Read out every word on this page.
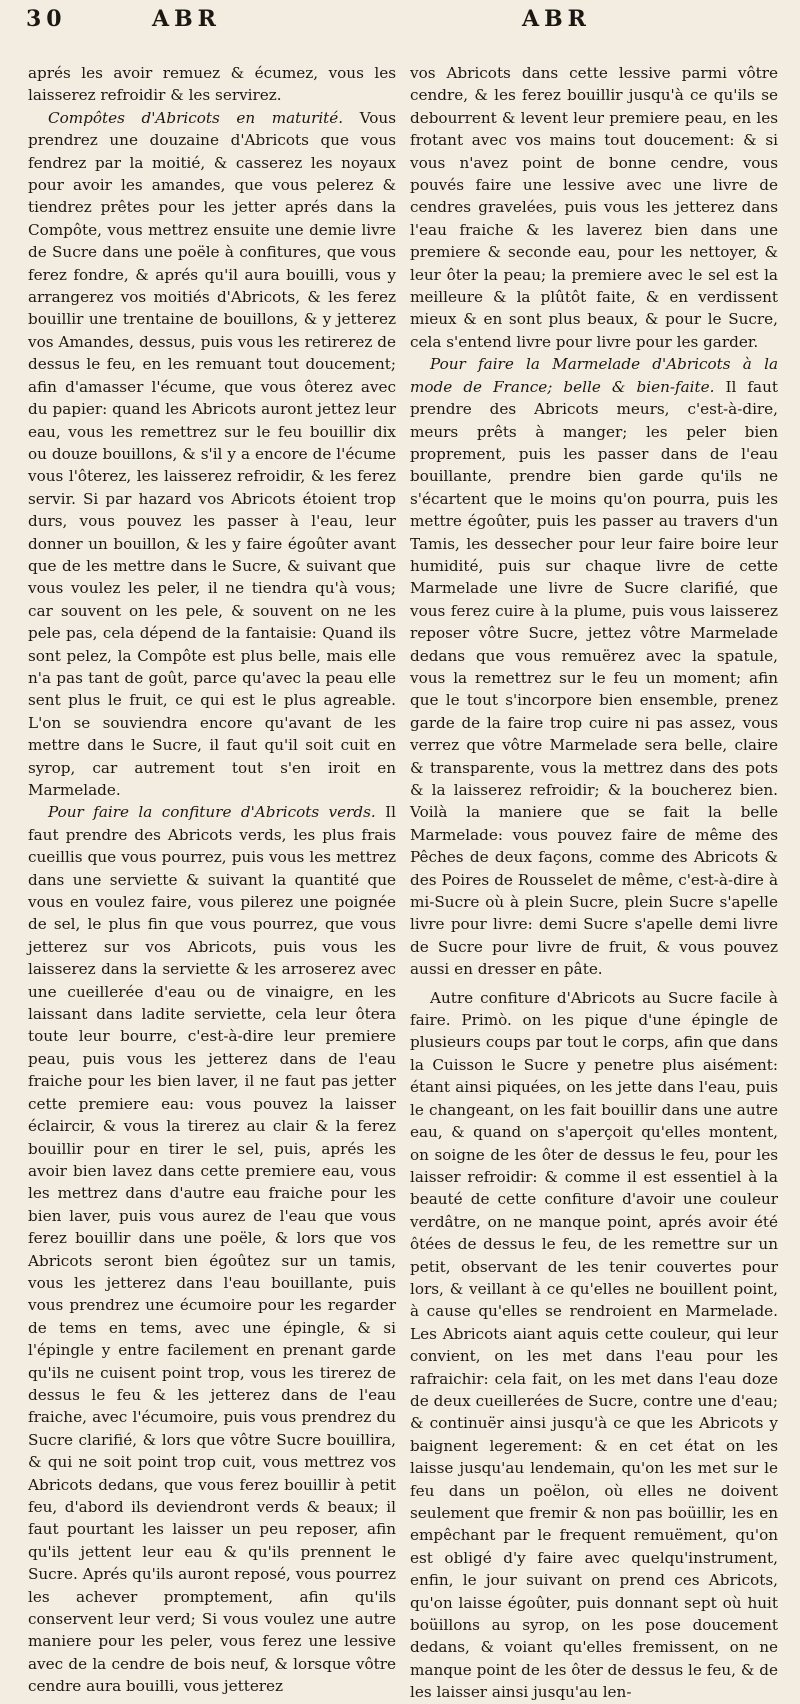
30	ABR	ABR

aprés les avoir remuez & écumez, vous les laisserez refroidir & les servirez.

Compôtes d'Abricots en maturité. Vous prendrez une douzaine d'Abricots que vous fendrez par la moitié, & casserez les noyaux pour avoir les amandes, que vous pelerez & tiendrez prêtes pour les jetter aprés dans la Compôte, vous mettrez ensuite une demie livre de Sucre dans une poële à confitures, que vous ferez fondre, & aprés qu'il aura bouilli, vous y arrangerez vos moitiés d'Abricots, & les ferez bouillir une trentaine de bouillons, & y jetterez vos Amandes, dessus, puis vous les retirerez de dessus le feu, en les remuant tout doucement; afin d'amasser l'écume, que vous ôterez avec du papier: quand les Abricots auront jettez leur eau, vous les remettrez sur le feu bouillir dix ou douze bouillons, & s'il y a encore de l'écume vous l'ôterez, les laisserez refroidir, & les ferez servir. Si par hazard vos Abricots étoient trop durs, vous pouvez les passer à l'eau, leur donner un bouillon, & les y faire égoûter avant que de les mettre dans le Sucre, & suivant que vous voulez les peler, il ne tiendra qu'à vous; car souvent on les pele, & souvent on ne les pele pas, cela dépend de la fantaisie: Quand ils sont pelez, la Compôte est plus belle, mais elle n'a pas tant de goût, parce qu'avec la peau elle sent plus le fruit, ce qui est le plus agreable. L'on se souviendra encore qu'avant de les mettre dans le Sucre, il faut qu'il soit cuit en syrop, car autrement tout s'en iroit en Marmelade.

Pour faire la confiture d'Abricots verds. Il faut prendre des Abricots verds, les plus frais cueillis que vous pourrez, puis vous les mettrez dans une serviette & suivant la quantité que vous en voulez faire, vous pilerez une poignée de sel, le plus fin que vous pourrez, que vous jetterez sur vos Abricots, puis vous les laisserez dans la serviette & les arroserez avec une cueillerée d'eau ou de vinaigre, en les laissant dans ladite serviette, cela leur ôtera toute leur bourre, c'est-à-dire leur premiere peau, puis vous les jetterez dans de l'eau fraiche pour les bien laver, il ne faut pas jetter cette premiere eau: vous pouvez la laisser éclaircir, & vous la tirerez au clair & la ferez bouillir pour en tirer le sel, puis, aprés les avoir bien lavez dans cette premiere eau, vous les mettrez dans d'autre eau fraiche pour les bien laver, puis vous aurez de l'eau que vous ferez bouillir dans une poële, & lors que vos Abricots seront bien égoûtez sur un tamis, vous les jetterez dans l'eau bouillante, puis vous prendrez une écumoire pour les regarder de tems en tems, avec une épingle, & si l'épingle y entre facilement en prenant garde qu'ils ne cuisent point trop, vous les tirerez de dessus le feu & les jetterez dans de l'eau fraiche, avec l'écumoire, puis vous prendrez du Sucre clarifié, & lors que vôtre Sucre bouillira, & qui ne soit point trop cuit, vous mettrez vos Abricots dedans, que vous ferez bouillir à petit feu, d'abord ils deviendront verds & beaux; il faut pourtant les laisser un peu reposer, afin qu'ils jettent leur eau & qu'ils prennent le Sucre. Aprés qu'ils auront reposé, vous pourrez les achever promptement, afin qu'ils conservent leur verd; Si vous voulez une autre maniere pour les peler, vous ferez une lessive avec de la cendre de bois neuf, & lorsque vôtre cendre aura bouilli, vous jetterez

vos Abricots dans cette lessive parmi vôtre cendre, & les ferez bouillir jusqu'à ce qu'ils se debourrent & levent leur premiere peau, en les frotant avec vos mains tout doucement: & si vous n'avez point de bonne cendre, vous pouvés faire une lessive avec une livre de cendres gravelées, puis vous les jetterez dans l'eau fraiche & les laverez bien dans une premiere & seconde eau, pour les nettoyer, & leur ôter la peau; la premiere avec le sel est la meilleure & la plûtôt faite, & en verdissent mieux & en sont plus beaux, & pour le Sucre, cela s'entend livre pour livre pour les garder.

Pour faire la Marmelade d'Abricots à la mode de France; belle & bien-faite. Il faut prendre des Abricots meurs, c'est-à-dire, meurs prêts à manger; les peler bien proprement, puis les passer dans de l'eau bouillante, prendre bien garde qu'ils ne s'écartent que le moins qu'on pourra, puis les mettre égoûter, puis les passer au travers d'un Tamis, les dessecher pour leur faire boire leur humidité, puis sur chaque livre de cette Marmelade une livre de Sucre clarifié, que vous ferez cuire à la plume, puis vous laisserez reposer vôtre Sucre, jettez vôtre Marmelade dedans que vous remuërez avec la spatule, vous la remettrez sur le feu un moment; afin que le tout s'incorpore bien ensemble, prenez garde de la faire trop cuire ni pas assez, vous verrez que vôtre Marmelade sera belle, claire & transparente, vous la mettrez dans des pots & la laisserez refroidir; & la boucherez bien. Voilà la maniere que se fait la belle Marmelade: vous pouvez faire de même des Pêches de deux façons, comme des Abricots & des Poires de Rousselet de même, c'est-à-dire à mi-Sucre où à plein Sucre, plein Sucre s'apelle livre pour livre: demi Sucre s'apelle demi livre de Sucre pour livre de fruit, & vous pouvez aussi en dresser en pâte.

Autre confiture d'Abricots au Sucre facile à faire. Primò. on les pique d'une épingle de plusieurs coups par tout le corps, afin que dans la Cuisson le Sucre y penetre plus aisément: étant ainsi piquées, on les jette dans l'eau, puis le changeant, on les fait bouillir dans une autre eau, & quand on s'aperçoit qu'elles montent, on soigne de les ôter de dessus le feu, pour les laisser refroidir: & comme il est essentiel à la beauté de cette confiture d'avoir une couleur verdâtre, on ne manque point, aprés avoir été ôtées de dessus le feu, de les remettre sur un petit, observant de les tenir couvertes pour lors, & veillant à ce qu'elles ne bouillent point, à cause qu'elles se rendroient en Marmelade. Les Abricots aiant aquis cette couleur, qui leur convient, on les met dans l'eau pour les rafraichir: cela fait, on les met dans l'eau doze de deux cueillerées de Sucre, contre une d'eau; & continuër ainsi jusqu'à ce que les Abricots y baignent legerement: & en cet état on les laisse jusqu'au lendemain, qu'on les met sur le feu dans un poëlon, où elles ne doivent seulement que fremir & non pas boüillir, les en empêchant par le frequent remuëment, qu'on est obligé d'y faire avec quelqu'instrument, enfin, le jour suivant on prend ces Abricots, qu'on laisse égoûter, puis donnant sept où huit boüillons au syrop, on les pose doucement dedans, & voiant qu'elles fremissent, on ne manque point de les ôter de dessus le feu, & de les laisser ainsi jusqu'au len-
